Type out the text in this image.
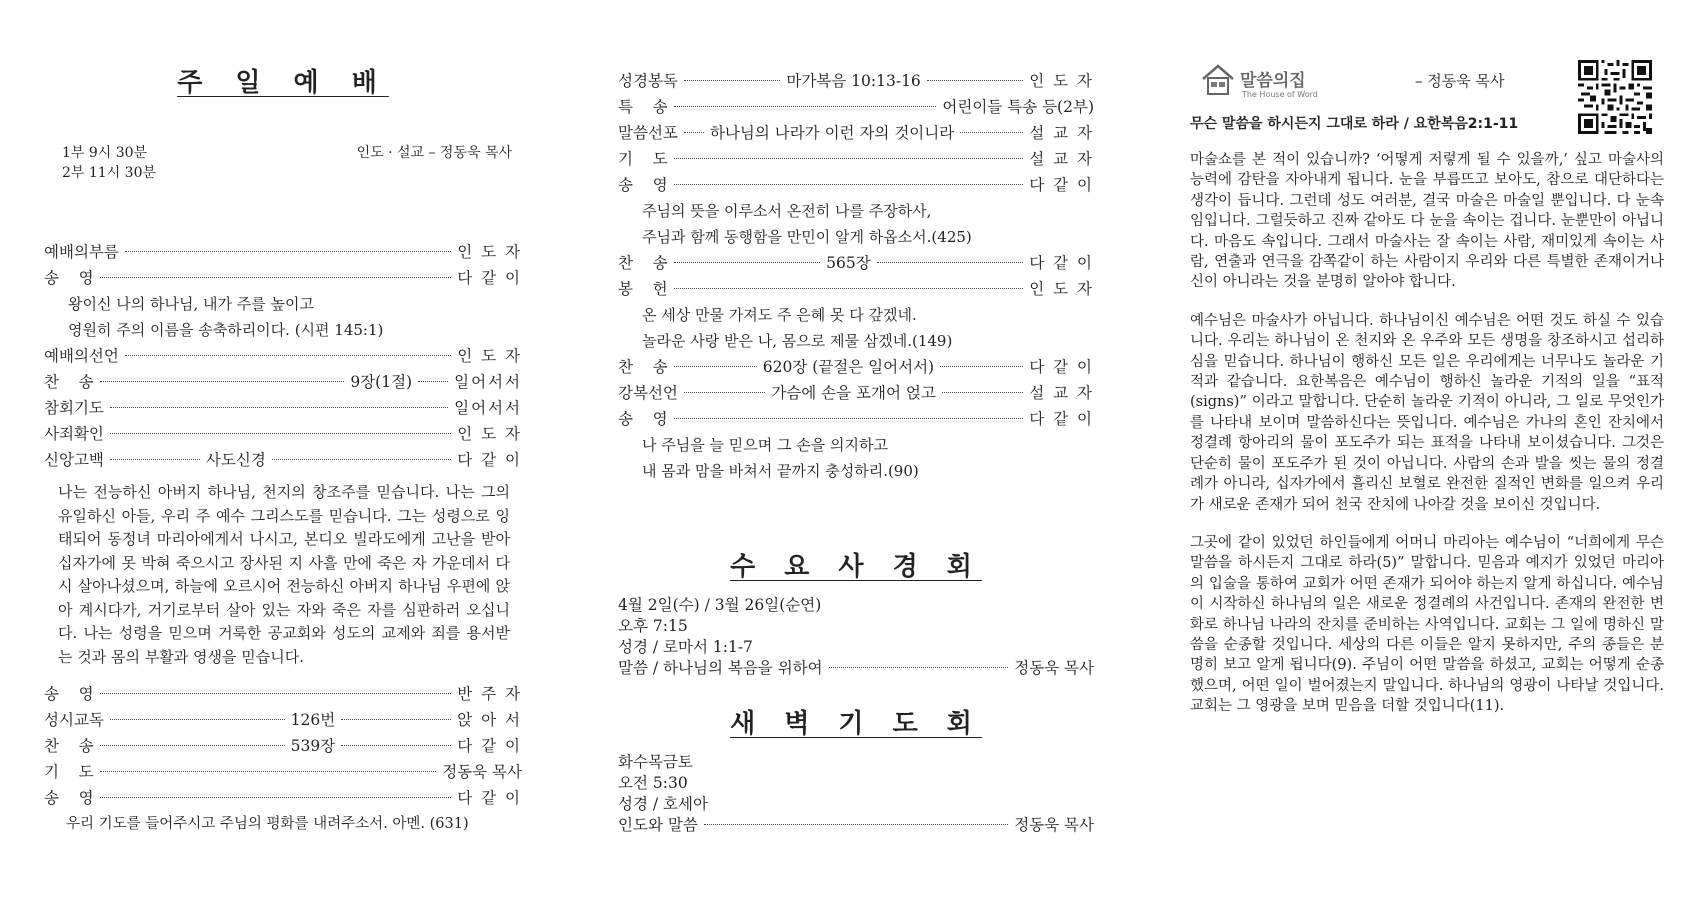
주 일 예 배
1부 9시 30분
2부 11시 30분
인도 · 설교 – 정동욱 목사
예배의부름	인 도 자
송    영	다 같 이
왕이신 나의 하나님, 내가 주를 높이고
영원히 주의 이름을 송축하리이다. (시편 145:1)
예배의선언	인 도 자
찬    송	9장(1절)	일어서서
참회기도	일어서서
사죄확인	인 도 자
신앙고백	사도신경	다 같 이

나는 전능하신 아버지 하나님, 천지의 창조주를 믿습니다. 나는 그의 유일하신 아들, 우리 주 예수 그리스도를 믿습니다. 그는 성령으로 잉태되어 동정녀 마리아에게서 나시고, 본디오 빌라도에게 고난을 받아 십자가에 못 박혀 죽으시고 장사된 지 사흘 만에 죽은 자 가운데서 다시 살아나셨으며, 하늘에 오르시어 전능하신 아버지 하나님 우편에 앉아 계시다가, 거기로부터 살아 있는 자와 죽은 자를 심판하러 오십니다. 나는 성령을 믿으며 거룩한 공교회와 성도의 교제와 죄를 용서받는 것과 몸의 부활과 영생을 믿습니다.

송    영	반 주 자
성시교독	126번	앉 아 서
찬    송	539장	다 같 이
기    도	정동욱 목사
송    영	다 같 이
우리 기도를 들어주시고 주님의 평화를 내려주소서. 아멘. (631)
성경봉독	마가복음 10:13-16	인 도 자
특    송	어린이들 특송 등(2부)
말씀선포 하나님의 나라가 이런 자의 것이니라	설 교 자
기    도	설 교 자
송    영	다 같 이
주님의 뜻을 이루소서 온전히 나를 주장하사,
주님과 함께 동행함을 만민이 알게 하옵소서.(425)
찬    송	565장	다 같 이
봉    헌	인 도 자
온 세상 만물 가져도 주 은혜 못 다 갚겠네.
놀라운 사랑 받은 나, 몸으로 제물 삼겠네.(149)
찬    송	620장 (끝절은 일어서서)	다 같 이
강복선언	가슴에 손을 포개어 얹고	설 교 자
송    영	다 같 이
나 주님을 늘 믿으며 그 손을 의지하고
내 몸과 맘을 바쳐서 끝까지 충성하리.(90)
수 요 사 경 회
4월 2일(수) / 3월 26일(순연)
오후 7:15
성경 / 로마서 1:1-7
말씀 / 하나님의 복음을 위하여	정동욱 목사
새 벽 기 도 회
화수목금토
오전 5:30
성경 / 호세아
인도와 말씀	정동욱 목사
말씀의집
The House of Word
– 정동욱 목사
무슨 말씀을 하시든지 그대로 하라 / 요한복음2:1-11

마술쇼를 본 적이 있습니까? ‘어떻게 저렇게 될 수 있을까,’ 싶고 마술사의 능력에 감탄을 자아내게 됩니다. 눈을 부릅뜨고 보아도, 참으로 대단하다는 생각이 듭니다. 그런데 성도 여러분, 결국 마술은 마술일 뿐입니다. 다 눈속임입니다. 그럴듯하고 진짜 같아도 다 눈을 속이는 겁니다. 눈뿐만이 아닙니다. 마음도 속입니다. 그래서 마술사는 잘 속이는 사람, 재미있게 속이는 사람, 연출과 연극을 감쪽같이 하는 사람이지 우리와 다른 특별한 존재이거나 신이 아니라는 것을 분명히 알아야 합니다.

예수님은 마술사가 아닙니다. 하나님이신 예수님은 어떤 것도 하실 수 있습니다. 우리는 하나님이 온 천지와 온 우주와 모든 생명을 창조하시고 섭리하심을 믿습니다. 하나님이 행하신 모든 일은 우리에게는 너무나도 놀라운 기적과 같습니다. 요한복음은 예수님이 행하신 놀라운 기적의 일을 “표적(signs)” 이라고 말합니다. 단순히 놀라운 기적이 아니라, 그 일로 무엇인가를 나타내 보이며 말씀하신다는 뜻입니다. 예수님은 가나의 혼인 잔치에서 정결례 항아리의 물이 포도주가 되는 표적을 나타내 보이셨습니다. 그것은 단순히 물이 포도주가 된 것이 아닙니다. 사람의 손과 발을 씻는 물의 정결례가 아니라, 십자가에서 흘리신 보혈로 완전한 질적인 변화를 일으켜 우리가 새로운 존재가 되어 천국 잔치에 나아갈 것을 보이신 것입니다.

그곳에 같이 있었던 하인들에게 어머니 마리아는 예수님이 “너희에게 무슨 말씀을 하시든지 그대로 하라(5)” 말합니다. 믿음과 예지가 있었던 마리아의 입술을 통하여 교회가 어떤 존재가 되어야 하는지 알게 하십니다. 예수님이 시작하신 하나님의 일은 새로운 정결례의 사건입니다. 존재의 완전한 변화로 하나님 나라의 잔치를 준비하는 사역입니다. 교회는 그 일에 명하신 말씀을 순종할 것입니다. 세상의 다른 이들은 알지 못하지만, 주의 종들은 분명히 보고 알게 됩니다(9). 주님이 어떤 말씀을 하셨고, 교회는 어떻게 순종했으며, 어떤 일이 벌어졌는지 말입니다. 하나님의 영광이 나타날 것입니다. 교회는 그 영광을 보며 믿음을 더할 것입니다(11).
